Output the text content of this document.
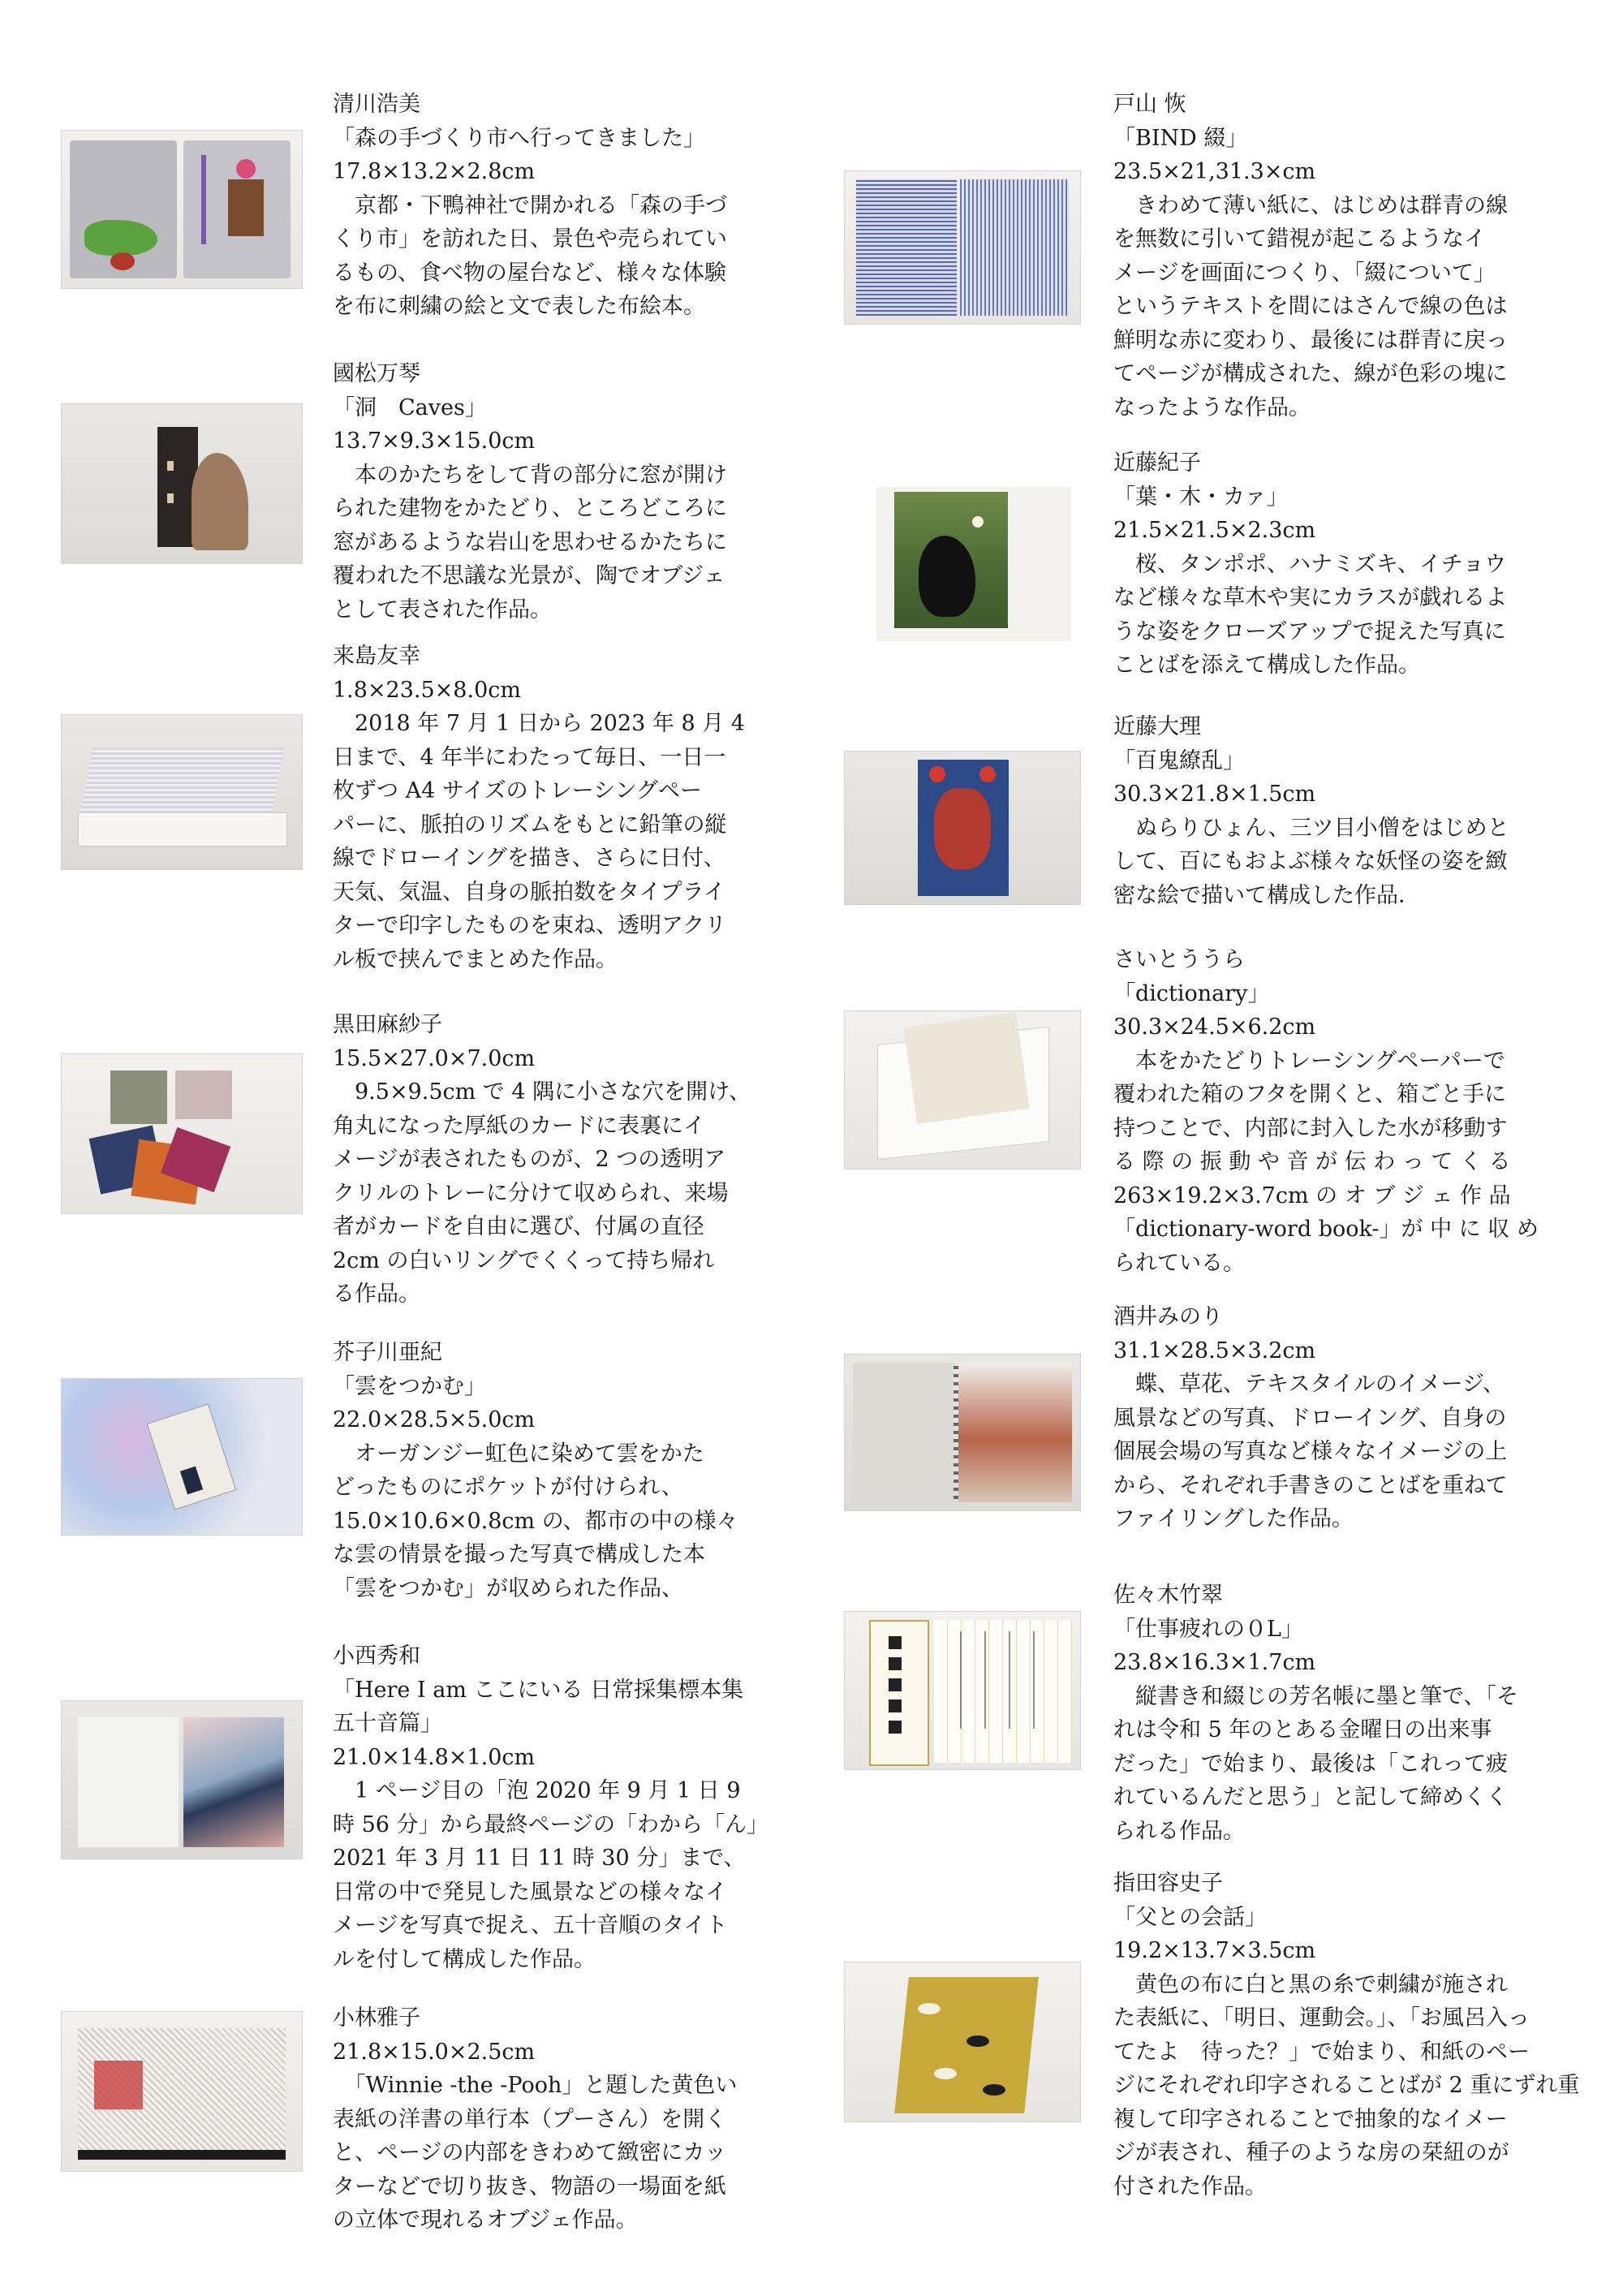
清川浩美

「森の手づくり市へ行ってきました」

17.8×13.2×2.8cm

　京都・下鴨神社で開かれる「森の手づ

くり市」を訪れた日、景色や売られてい

るもの、食べ物の屋台など、様々な体験

を布に刺繍の絵と文で表した布絵本。

國松万琴

「洞　Caves」

13.7×9.3×15.0cm

　本のかたちをして背の部分に窓が開け

られた建物をかたどり、ところどころに

窓があるような岩山を思わせるかたちに

覆われた不思議な光景が、陶でオブジェ

として表された作品。

来島友幸

1.8×23.5×8.0cm

　2018 年 7 月 1 日から 2023 年 8 月 4

日まで、4 年半にわたって毎日、一日一

枚ずつ A4 サイズのトレーシングペー

パーに、脈拍のリズムをもとに鉛筆の縦

線でドローイングを描き、さらに日付、

天気、気温、自身の脈拍数をタイプライ

ターで印字したものを束ね、透明アクリ

ル板で挟んでまとめた作品。

黒田麻紗子

15.5×27.0×7.0cm

　9.5×9.5cm で 4 隅に小さな穴を開け、

角丸になった厚紙のカードに表裏にイ

メージが表されたものが、2 つの透明ア

クリルのトレーに分けて収められ、来場

者がカードを自由に選び、付属の直径

2cm の白いリングでくくって持ち帰れ

る作品。

芥子川亜紀

「雲をつかむ」

22.0×28.5×5.0cm

　オーガンジー虹色に染めて雲をかた

どったものにポケットが付けられ、

15.0×10.6×0.8cm の、都市の中の様々

な雲の情景を撮った写真で構成した本

「雲をつかむ」が収められた作品、

小西秀和

「Here I am ここにいる 日常採集標本集

五十音篇」

21.0×14.8×1.0cm

　1 ページ目の「泡 2020 年 9 月 1 日 9

時 56 分」から最終ページの「わから「ん」

2021 年 3 月 11 日 11 時 30 分」まで、

日常の中で発見した風景などの様々なイ

メージを写真で捉え、五十音順のタイト

ルを付して構成した作品。

小林雅子

21.8×15.0×2.5cm

　「Winnie -the -Pooh」と題した黄色い

表紙の洋書の単行本（プーさん）を開く

と、ページの内部をきわめて緻密にカッ

ターなどで切り抜き、物語の一場面を紙

の立体で現れるオブジェ作品。

戸山 恢

「BIND 綴」

23.5×21,31.3×cm

　きわめて薄い紙に、はじめは群青の線

を無数に引いて錯視が起こるようなイ

メージを画面につくり、「綴について」

というテキストを間にはさんで線の色は

鮮明な赤に変わり、最後には群青に戻っ

てページが構成された、線が色彩の塊に

なったような作品。

近藤紀子

「葉・木・カァ」

21.5×21.5×2.3cm

　桜、タンポポ、ハナミズキ、イチョウ

など様々な草木や実にカラスが戯れるよ

うな姿をクローズアップで捉えた写真に

ことばを添えて構成した作品。

近藤大理

「百鬼繚乱」

30.3×21.8×1.5cm

　ぬらりひょん、三ツ目小僧をはじめと

して、百にもおよぶ様々な妖怪の姿を緻

密な絵で描いて構成した作品．

さいとううら

「dictionary」

30.3×24.5×6.2cm

　本をかたどりトレーシングペーパーで

覆われた箱のフタを開くと、箱ごと手に

持つことで、内部に封入した水が移動す

る 際 の 振 動 や 音 が 伝 わ っ て く る

263×19.2×3.7cm の オ ブ ジ ェ 作 品

「dictionary-word book-」が 中 に 収 め

られている。

酒井みのり

31.1×28.5×3.2cm

　蝶、草花、テキスタイルのイメージ、

風景などの写真、ドローイング、自身の

個展会場の写真など様々なイメージの上

から、それぞれ手書きのことばを重ねて

ファイリングした作品。

佐々木竹翠

「仕事疲れの０L」

23.8×16.3×1.7cm

　縦書き和綴じの芳名帳に墨と筆で、「そ

れは令和 5 年のとある金曜日の出来事

だった」で始まり、最後は「これって疲

れているんだと思う」と記して締めくく

られる作品。

指田容史子

「父との会話」

19.2×13.7×3.5cm

　黄色の布に白と黒の糸で刺繍が施され

た表紙に、「明日、運動会。」、「お風呂入っ

てたよ　待った？」で始まり、和紙のペー

ジにそれぞれ印字されることばが 2 重にずれ重

複して印字されることで抽象的なイメー

ジが表され、種子のような房の栞紐のが

付された作品。
